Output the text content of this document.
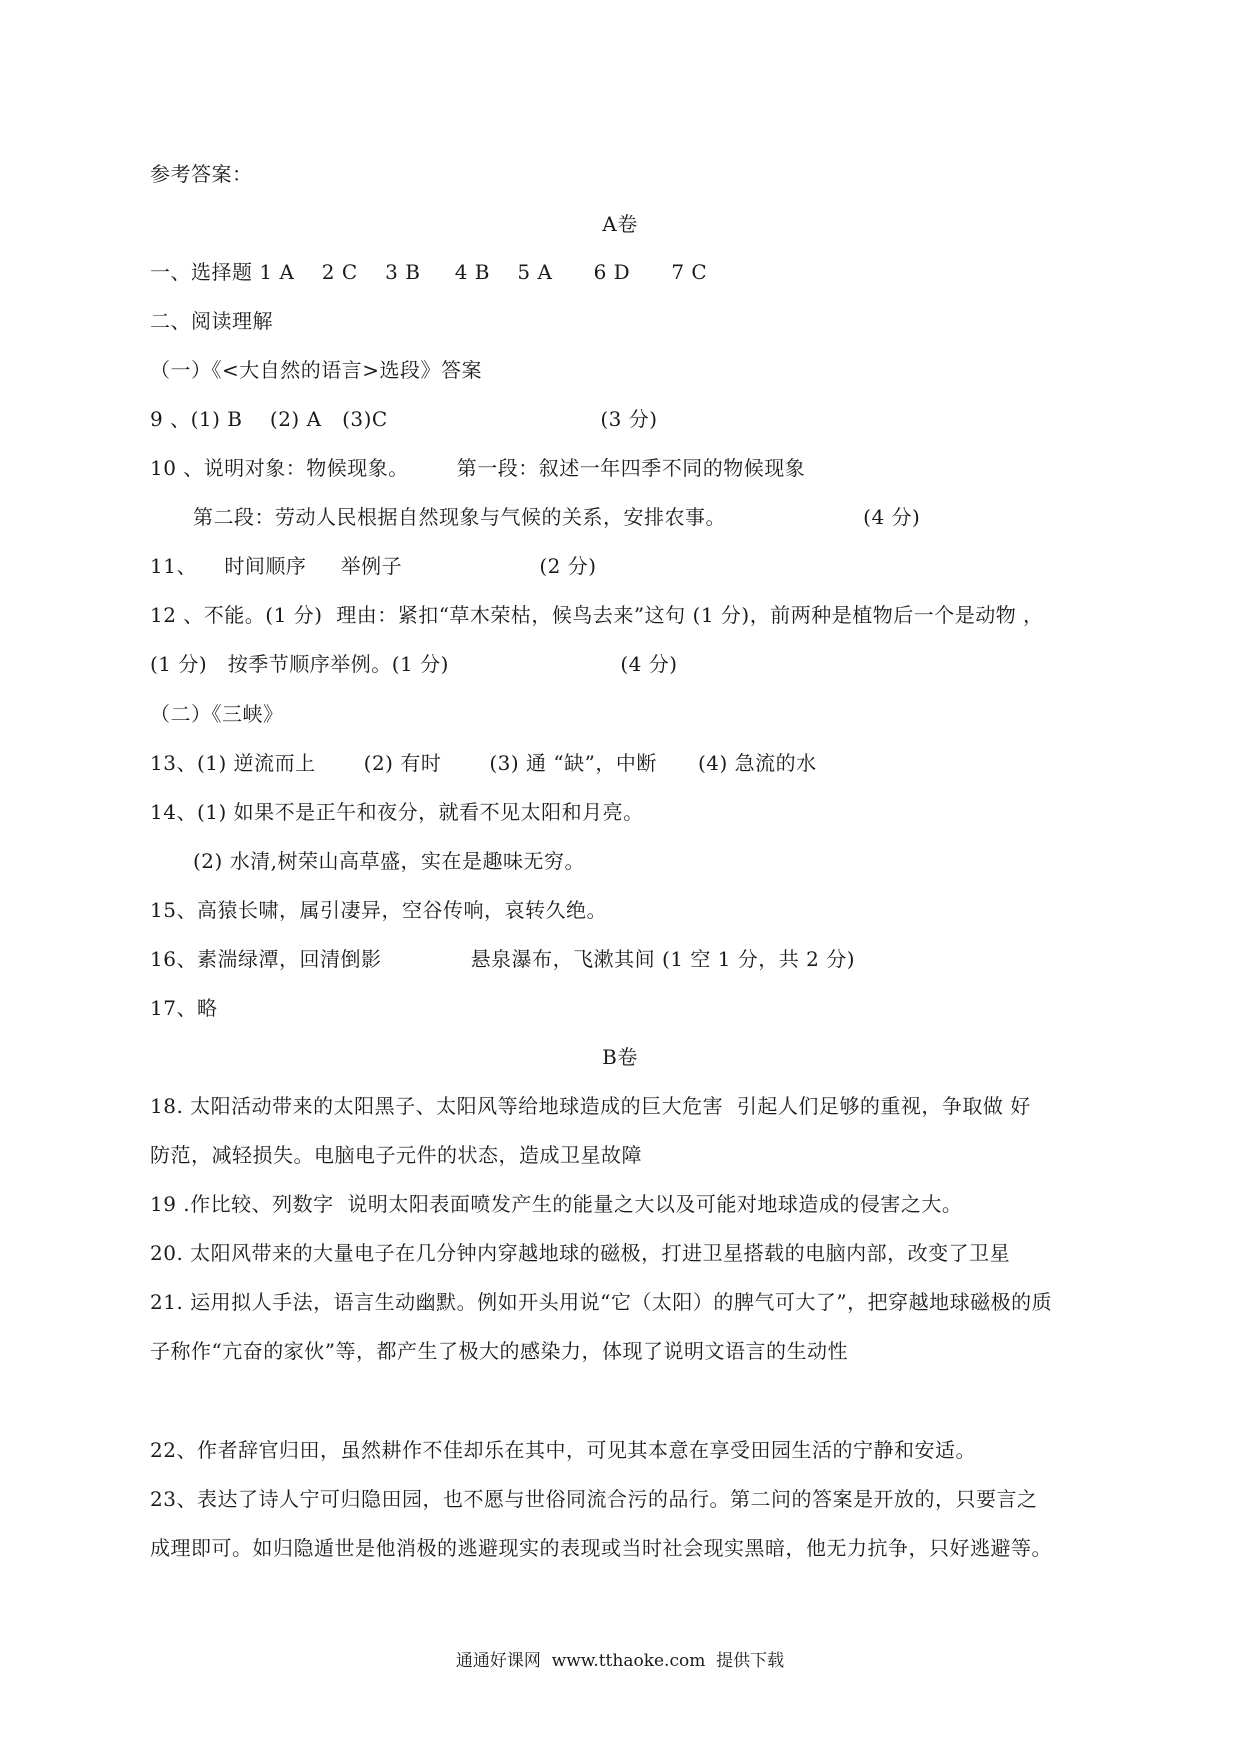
参考答案：
A卷
一、选择题 1 A    2 C    3 B     4 B    5 A      6 D      7 C
二、阅读理解
（一）《<大自然的语言>选段》答案
9 、(1) B    (2) A   (3)C                               (3 分)
10 、说明对象：物候现象。       第一段：叙述一年四季不同的物候现象
第二段：劳动人民根据自然现象与气候的关系，安排农事。                    (4 分)
11、    时间顺序     举例子                    (2 分)
12 、不能。(1 分)  理由：紧扣“草木荣枯，候鸟去来”这句 (1 分)，前两种是植物后一个是动物 ，
(1 分)   按季节顺序举例。(1 分)                         (4 分)
（二）《三峡》
13、(1) 逆流而上       (2) 有时       (3) 通 “缺”，中断      (4) 急流的水
14、(1) 如果不是正午和夜分，就看不见太阳和月亮。
(2) 水清,树荣山高草盛，实在是趣味无穷。
15、高猿长啸，属引凄异，空谷传响，哀转久绝。
16、素湍绿潭，回清倒影             悬泉瀑布，飞漱其间 (1 空 1 分，共 2 分)
17、略
B卷
18. 太阳活动带来的太阳黑子、太阳风等给地球造成的巨大危害  引起人们足够的重视，争取做 好
防范，减轻损失。电脑电子元件的状态，造成卫星故障
19 .作比较、列数字  说明太阳表面喷发产生的能量之大以及可能对地球造成的侵害之大。
20. 太阳风带来的大量电子在几分钟内穿越地球的磁极，打进卫星搭载的电脑内部，改变了卫星
21. 运用拟人手法，语言生动幽默。例如开头用说“它（太阳）的脾气可大了”，把穿越地球磁极的质
子称作“亢奋的家伙”等，都产生了极大的感染力，体现了说明文语言的生动性
22、作者辞官归田，虽然耕作不佳却乐在其中，可见其本意在享受田园生活的宁静和安适。
23、表达了诗人宁可归隐田园，也不愿与世俗同流合污的品行。第二问的答案是开放的，只要言之
成理即可。如归隐遁世是他消极的逃避现实的表现或当时社会现实黑暗，他无力抗争，只好逃避等。
通通好课网  www.tthaoke.com  提供下载
